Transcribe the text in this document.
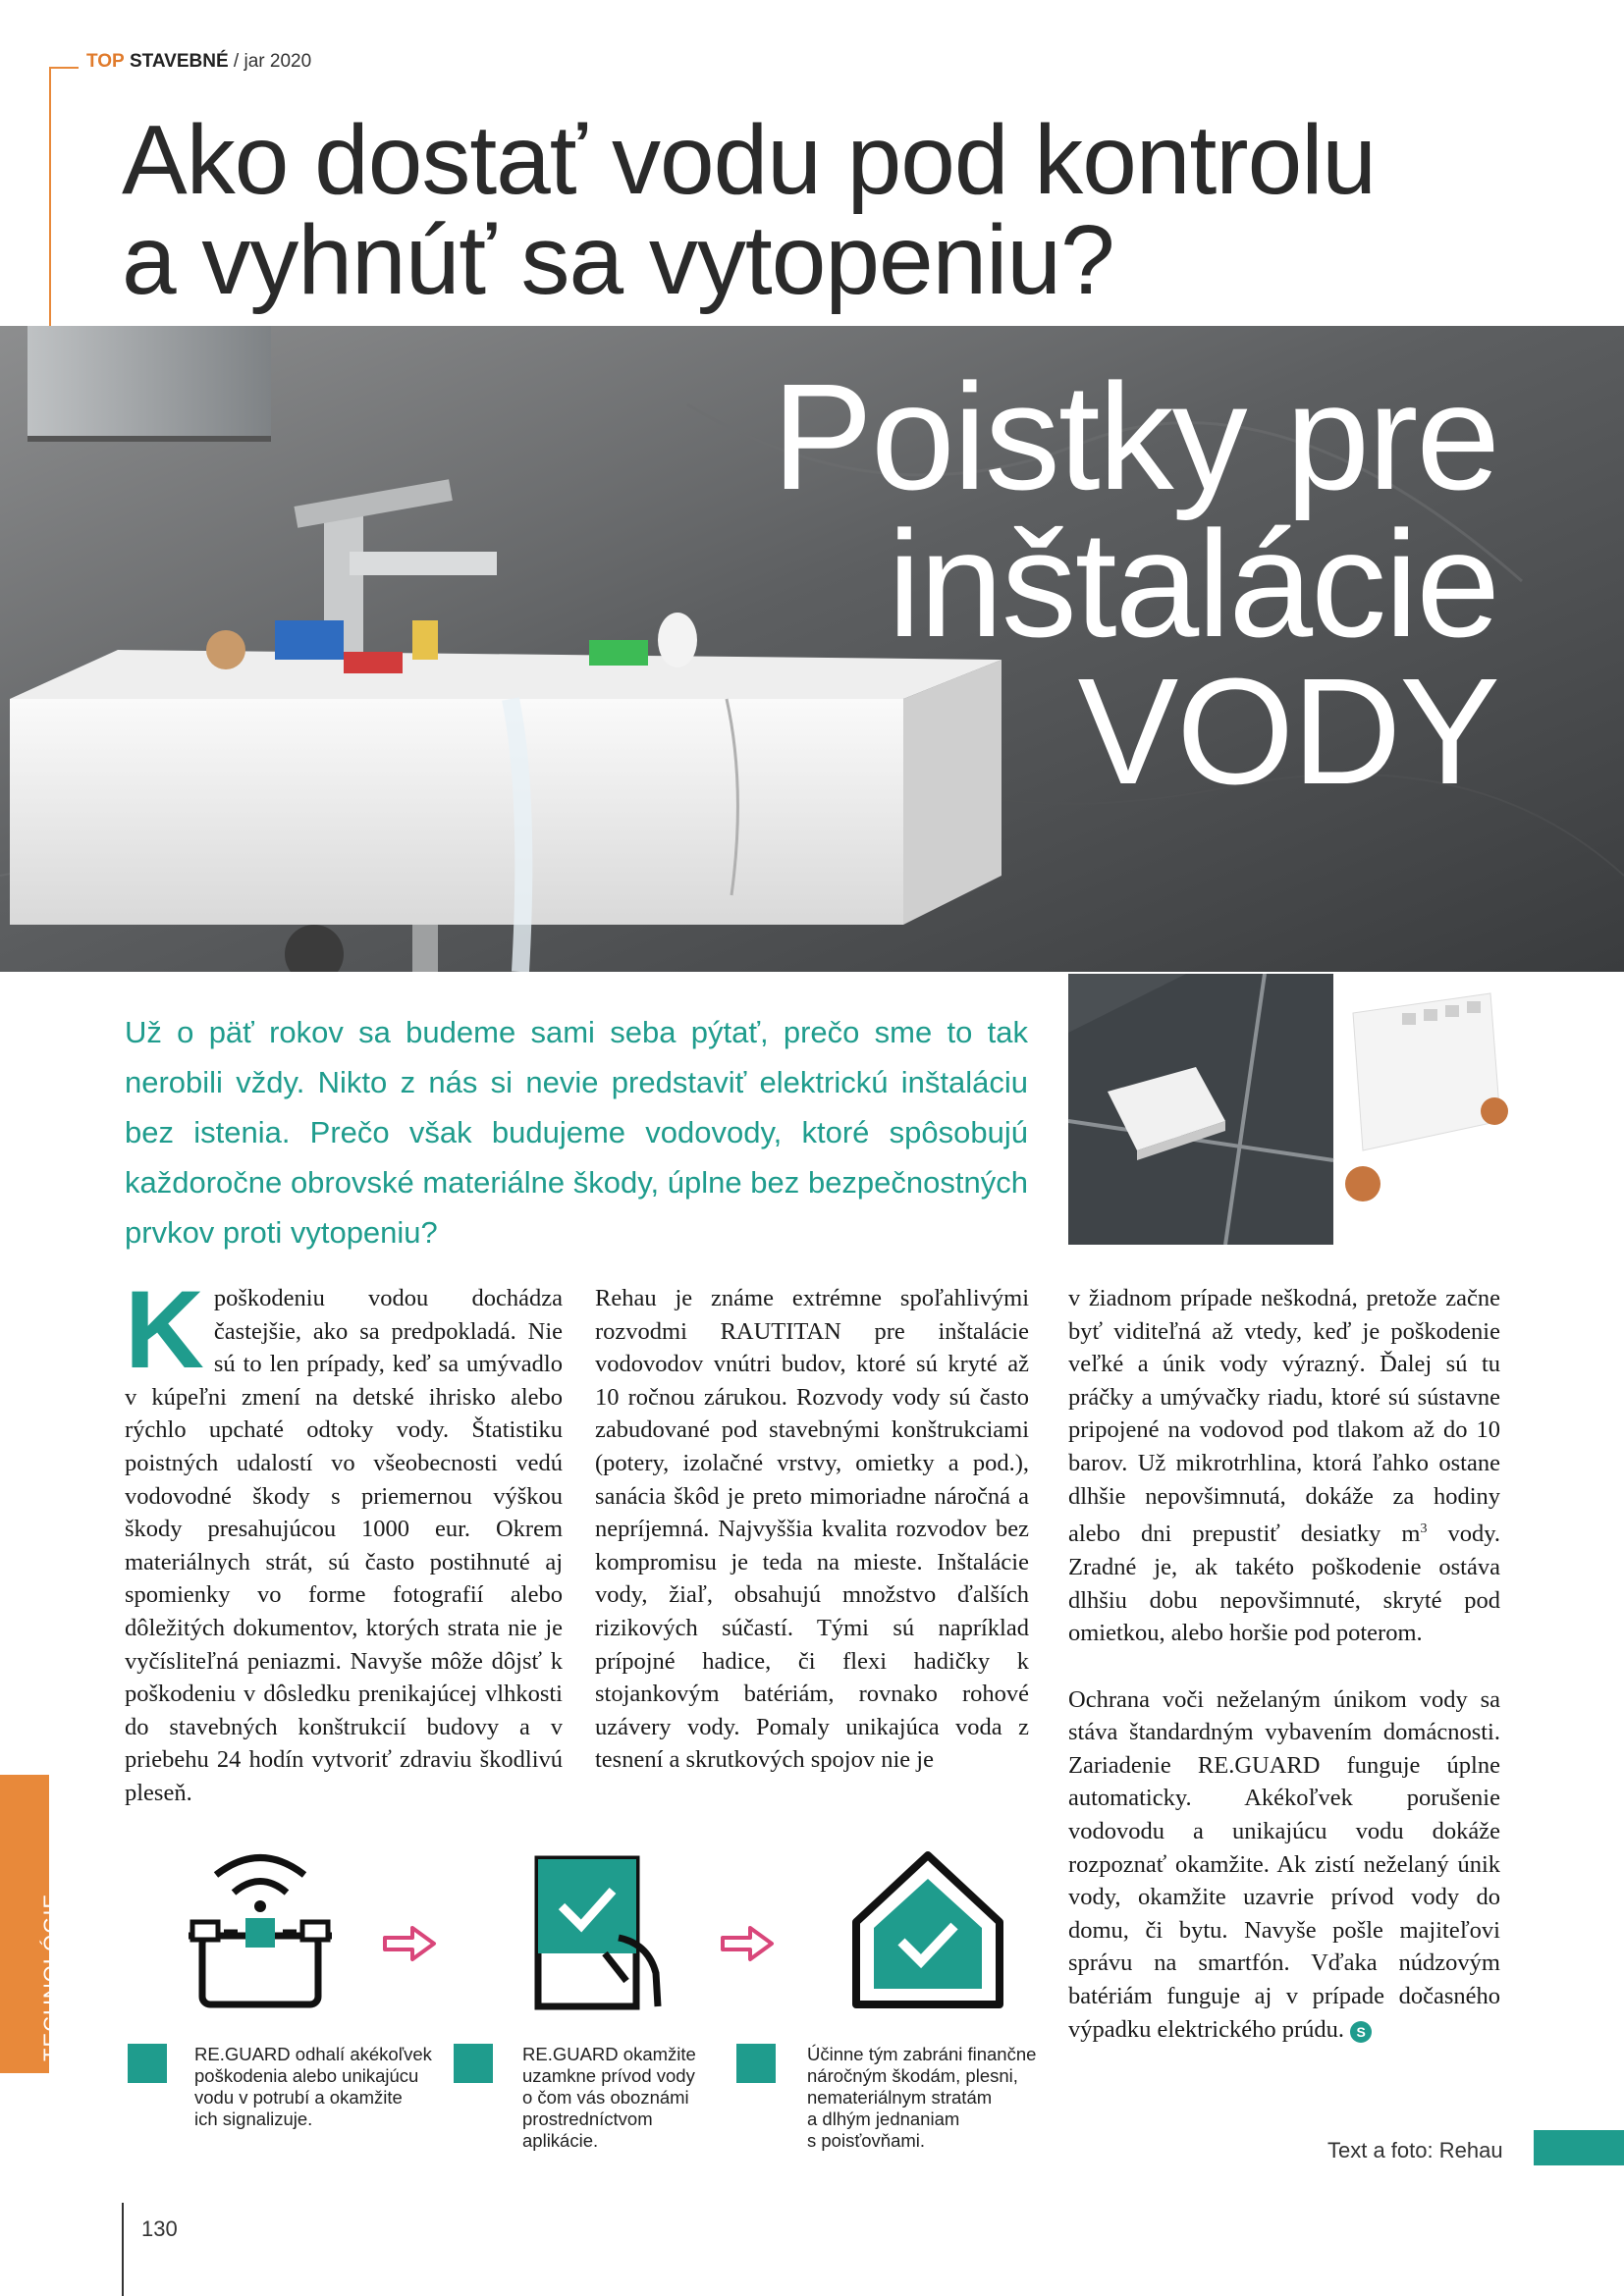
TOP STAVEBNÉ / jar 2020
Ako dostať vodu pod kontrolu
a vyhnúť sa vytopeniu?
Poistky pre
inštalácie
VODY
Už o päť rokov sa budeme sami seba pýtať, prečo sme to tak nerobili vždy. Nikto z nás si nevie predstaviť elektrickú inštaláciu bez istenia. Prečo však budujeme vodovody, ktoré spôsobujú každoročne obrovské materiálne škody, úplne bez bezpečnostných prvkov proti vytopeniu?
K poškodeniu vodou dochádza častejšie, ako sa predpokladá. Nie sú to len prípady, keď sa umývadlo v kúpeľni zmení na detské ihrisko alebo rýchlo upchaté odtoky vody. Štatistiku poistných udalostí vo všeobecnosti vedú vodovodné škody s priemernou výškou škody presahujúcou 1000 eur. Okrem materiálnych strát, sú často postihnuté aj spomienky vo forme fotografií alebo dôležitých dokumentov, ktorých strata nie je vyčísliteľná peniazmi. Navyše môže dôjsť k poškodeniu v dôsledku prenikajúcej vlhkosti do stavebných konštrukcií budovy a v priebehu 24 hodín vytvoriť zdraviu škodlivú pleseň.

Rehau je známe extrémne spoľahlivými rozvodmi RAUTITAN pre inštalácie vodovodov vnútri budov, ktoré sú kryté až 10 ročnou zárukou. Rozvody vody sú často zabudované pod stavebnými konštrukciami (potery, izolačné vrstvy, omietky a pod.), sanácia škôd je preto mimoriadne náročná a nepríjemná. Najvyššia kvalita rozvodov bez kompromisu je teda na mieste. Inštalácie vody, žiaľ, obsahujú množstvo ďalších rizikových súčastí. Tými sú napríklad prípojné hadice, či flexi hadičky k stojankovým batériám, rovnako rohové uzávery vody. Pomaly unikajúca voda z tesnení a skrutkových spojov nie je

v žiadnom prípade neškodná, pretože začne byť viditeľná až vtedy, keď je poškodenie veľké a únik vody výrazný. Ďalej sú tu práčky a umývačky riadu, ktoré sú sústavne pripojené na vodovod pod tlakom až do 10 barov. Už mikrotrhlina, ktorá ľahko ostane dlhšie nepovšimnutá, dokáže za hodiny alebo dni prepustiť desiatky $m^3$ vody. Zradné je, ak takéto poškodenie ostáva dlhšiu dobu nepovšimnuté, skryté pod omietkou, alebo horšie pod poterom.

Ochrana voči neželaným únikom vody sa stáva štandardným vybavením domácnosti. Zariadenie RE.GUARD funguje úplne automaticky. Akékoľvek porušenie vodovodu a unikajúcu vodu dokáže rozpoznať okamžite. Ak zistí neželaný únik vody, okamžite uzavrie prívod vody do domu, či bytu. Navyše pošle majiteľovi správu na smartfón. Vďaka núdzovým batériám funguje aj v prípade dočasného výpadku elektrického prúdu. S

RE.GUARD odhalí akékoľvek
poškodenia alebo unikajúcu
vodu v potrubí a okamžite
ich signalizuje.
RE.GUARD okamžite
uzamkne prívod vody
o čom vás oboznámi
prostredníctvom
aplikácie.
Účinne tým zabráni finančne
náročným škodám, plesni,
nemateriálnym stratám
a dlhým jednaniam
s poisťovňami.
TECHNOLÓGIE
Text a foto: Rehau
130
